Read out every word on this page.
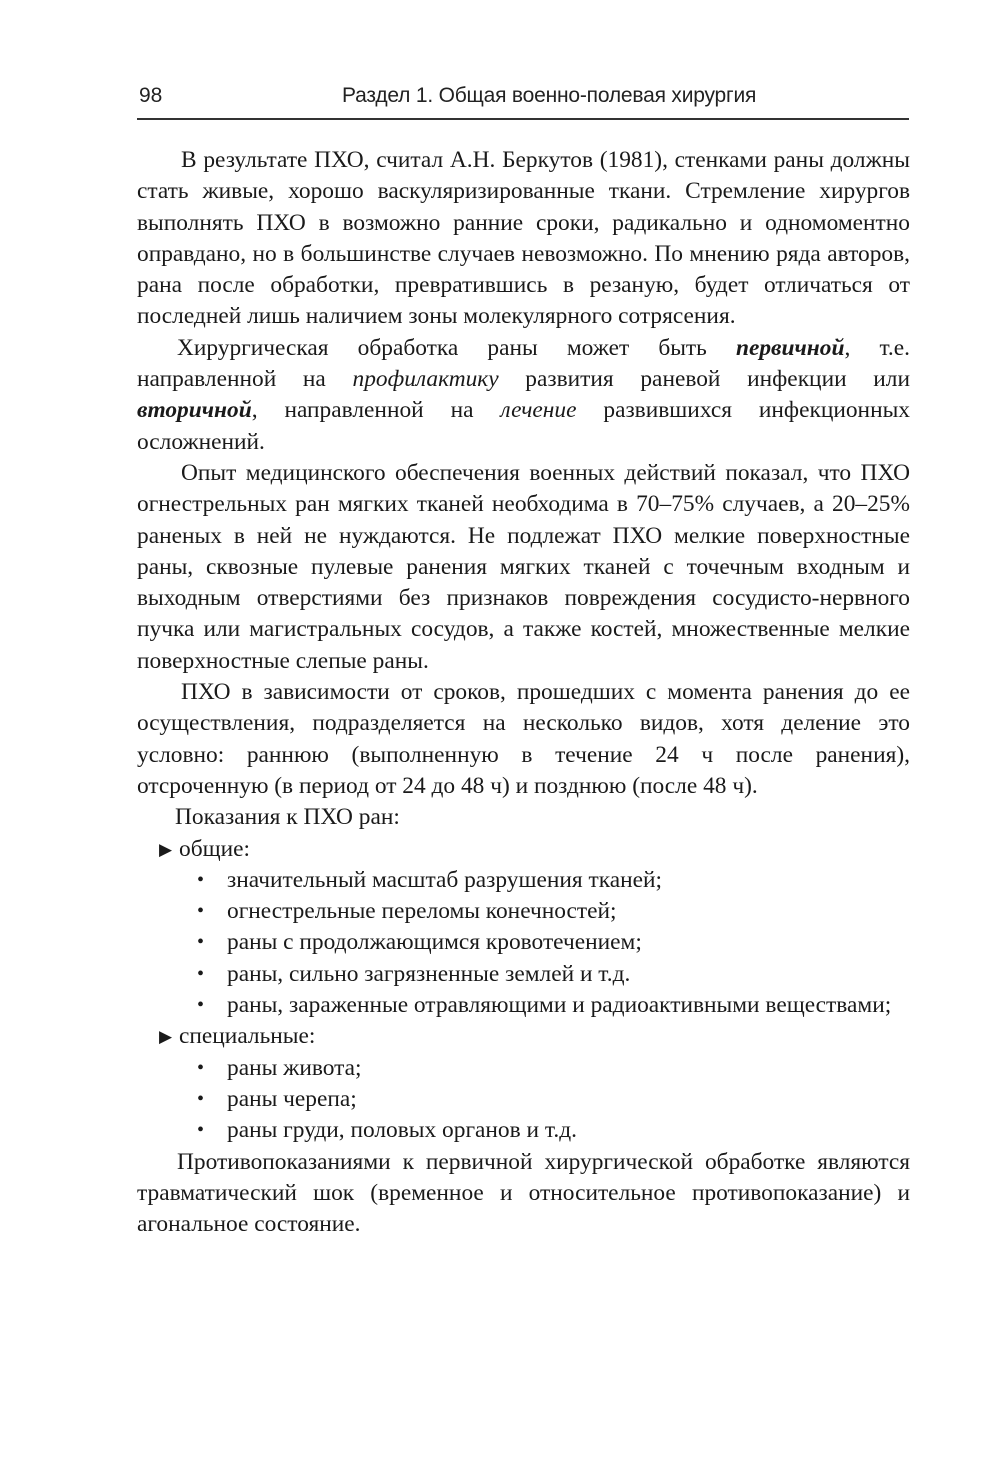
98	Раздел 1. Общая военно-полевая хирургия

В результате ПХО, считал А.Н. Беркутов (1981), стенками раны должны стать живые, хорошо васкуляризированные ткани. Стремление хирургов выполнять ПХО в возможно ранние сроки, радикально и одномоментно оправдано, но в большинстве случаев невозможно. По мнению ряда авторов, рана после обработки, превратившись в резаную, будет отличаться от последней лишь наличием зоны молекулярного сотрясения.

Хирургическая обработка раны может быть первичной, т.е. направленной на профилактику развития раневой инфекции или вторичной, направленной на лечение развившихся инфекционных осложнений.

Опыт медицинского обеспечения военных действий показал, что ПХО огнестрельных ран мягких тканей необходима в 70–75% случаев, а 20–25% раненых в ней не нуждаются. Не подлежат ПХО мелкие поверхностные раны, сквозные пулевые ранения мягких тканей с точечным входным и выходным отверстиями без признаков повреждения сосудисто-нервного пучка или магистральных сосудов, а также костей, множественные мелкие поверхностные слепые раны.

ПХО в зависимости от сроков, прошедших с момента ранения до ее осуществления, подразделяется на несколько видов, хотя деление это условно: раннюю (выполненную в течение 24 ч после ранения), отсроченную (в период от 24 до 48 ч) и позднюю (после 48 ч).

Показания к ПХО ран:

▶ общие:
• значительный масштаб разрушения тканей;
• огнестрельные переломы конечностей;
• раны с продолжающимся кровотечением;
• раны, сильно загрязненные землей и т.д.
• раны, зараженные отравляющими и радиоактивными веществами;
▶ специальные:
• раны живота;
• раны черепа;
• раны груди, половых органов и т.д.

Противопоказаниями к первичной хирургической обработке являются травматический шок (временное и относительное противопоказание) и агональное состояние.
